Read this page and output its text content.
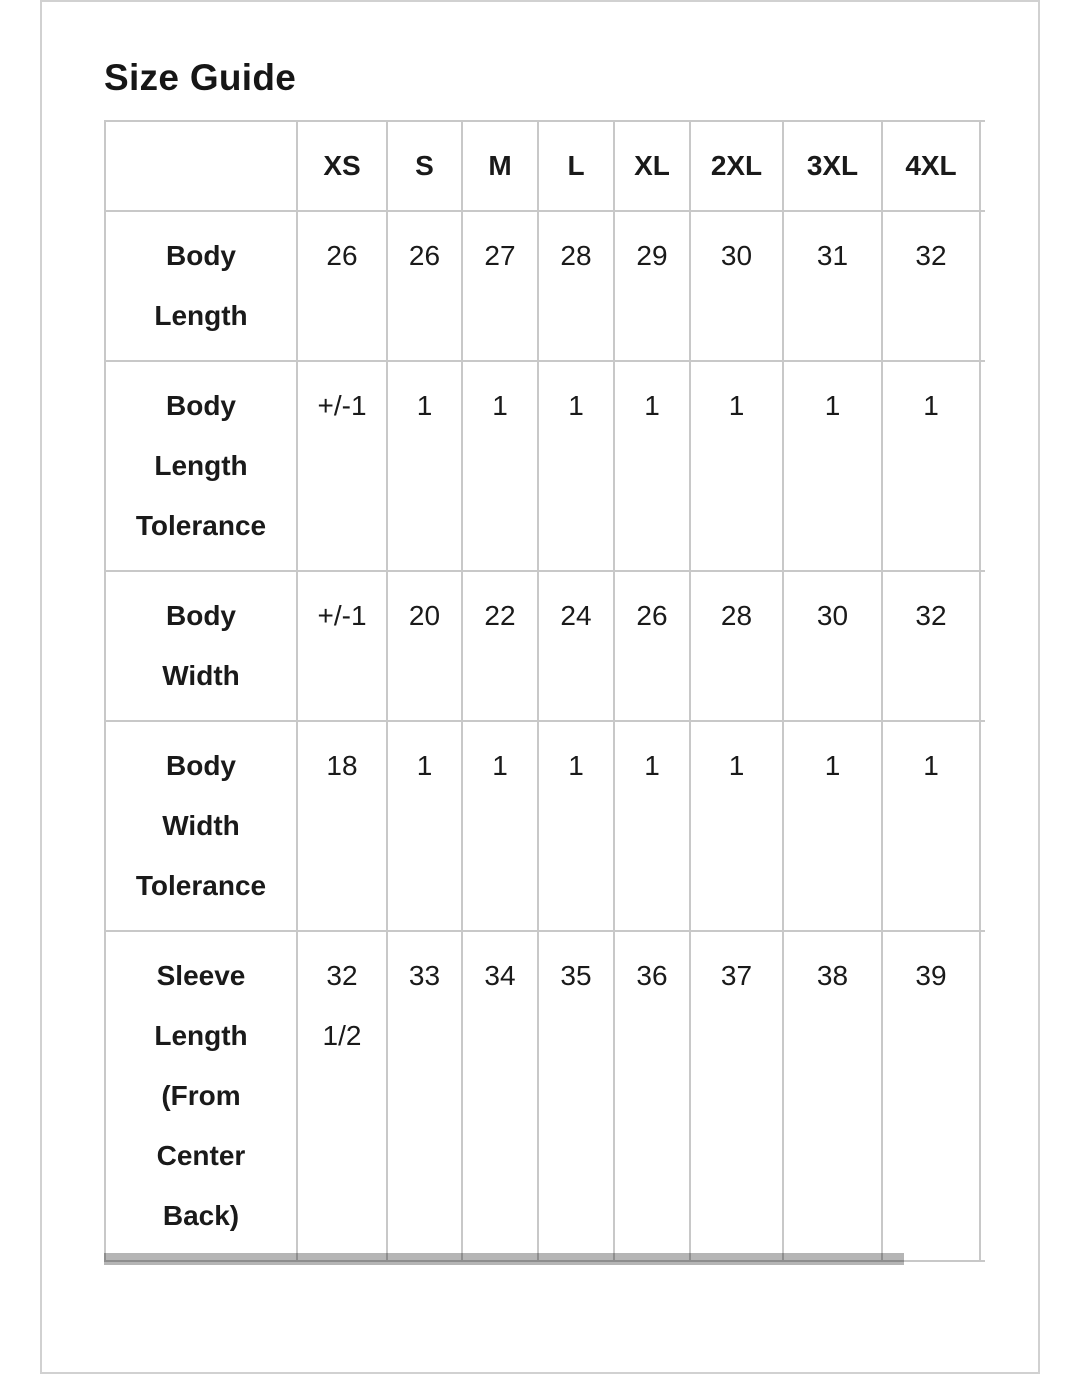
Size Guide
	XS	S	M	L	XL	2XL	3XL	4XL	
Body Length	26	26	27	28	29	30	31	32	
Body Length Tolerance	+/-1	1	1	1	1	1	1	1	
Body Width	+/-1	20	22	24	26	28	30	32	
Body Width Tolerance	18	1	1	1	1	1	1	1	
Sleeve Length (From Center Back)	32 1/2	33	34	35	36	37	38	39	
